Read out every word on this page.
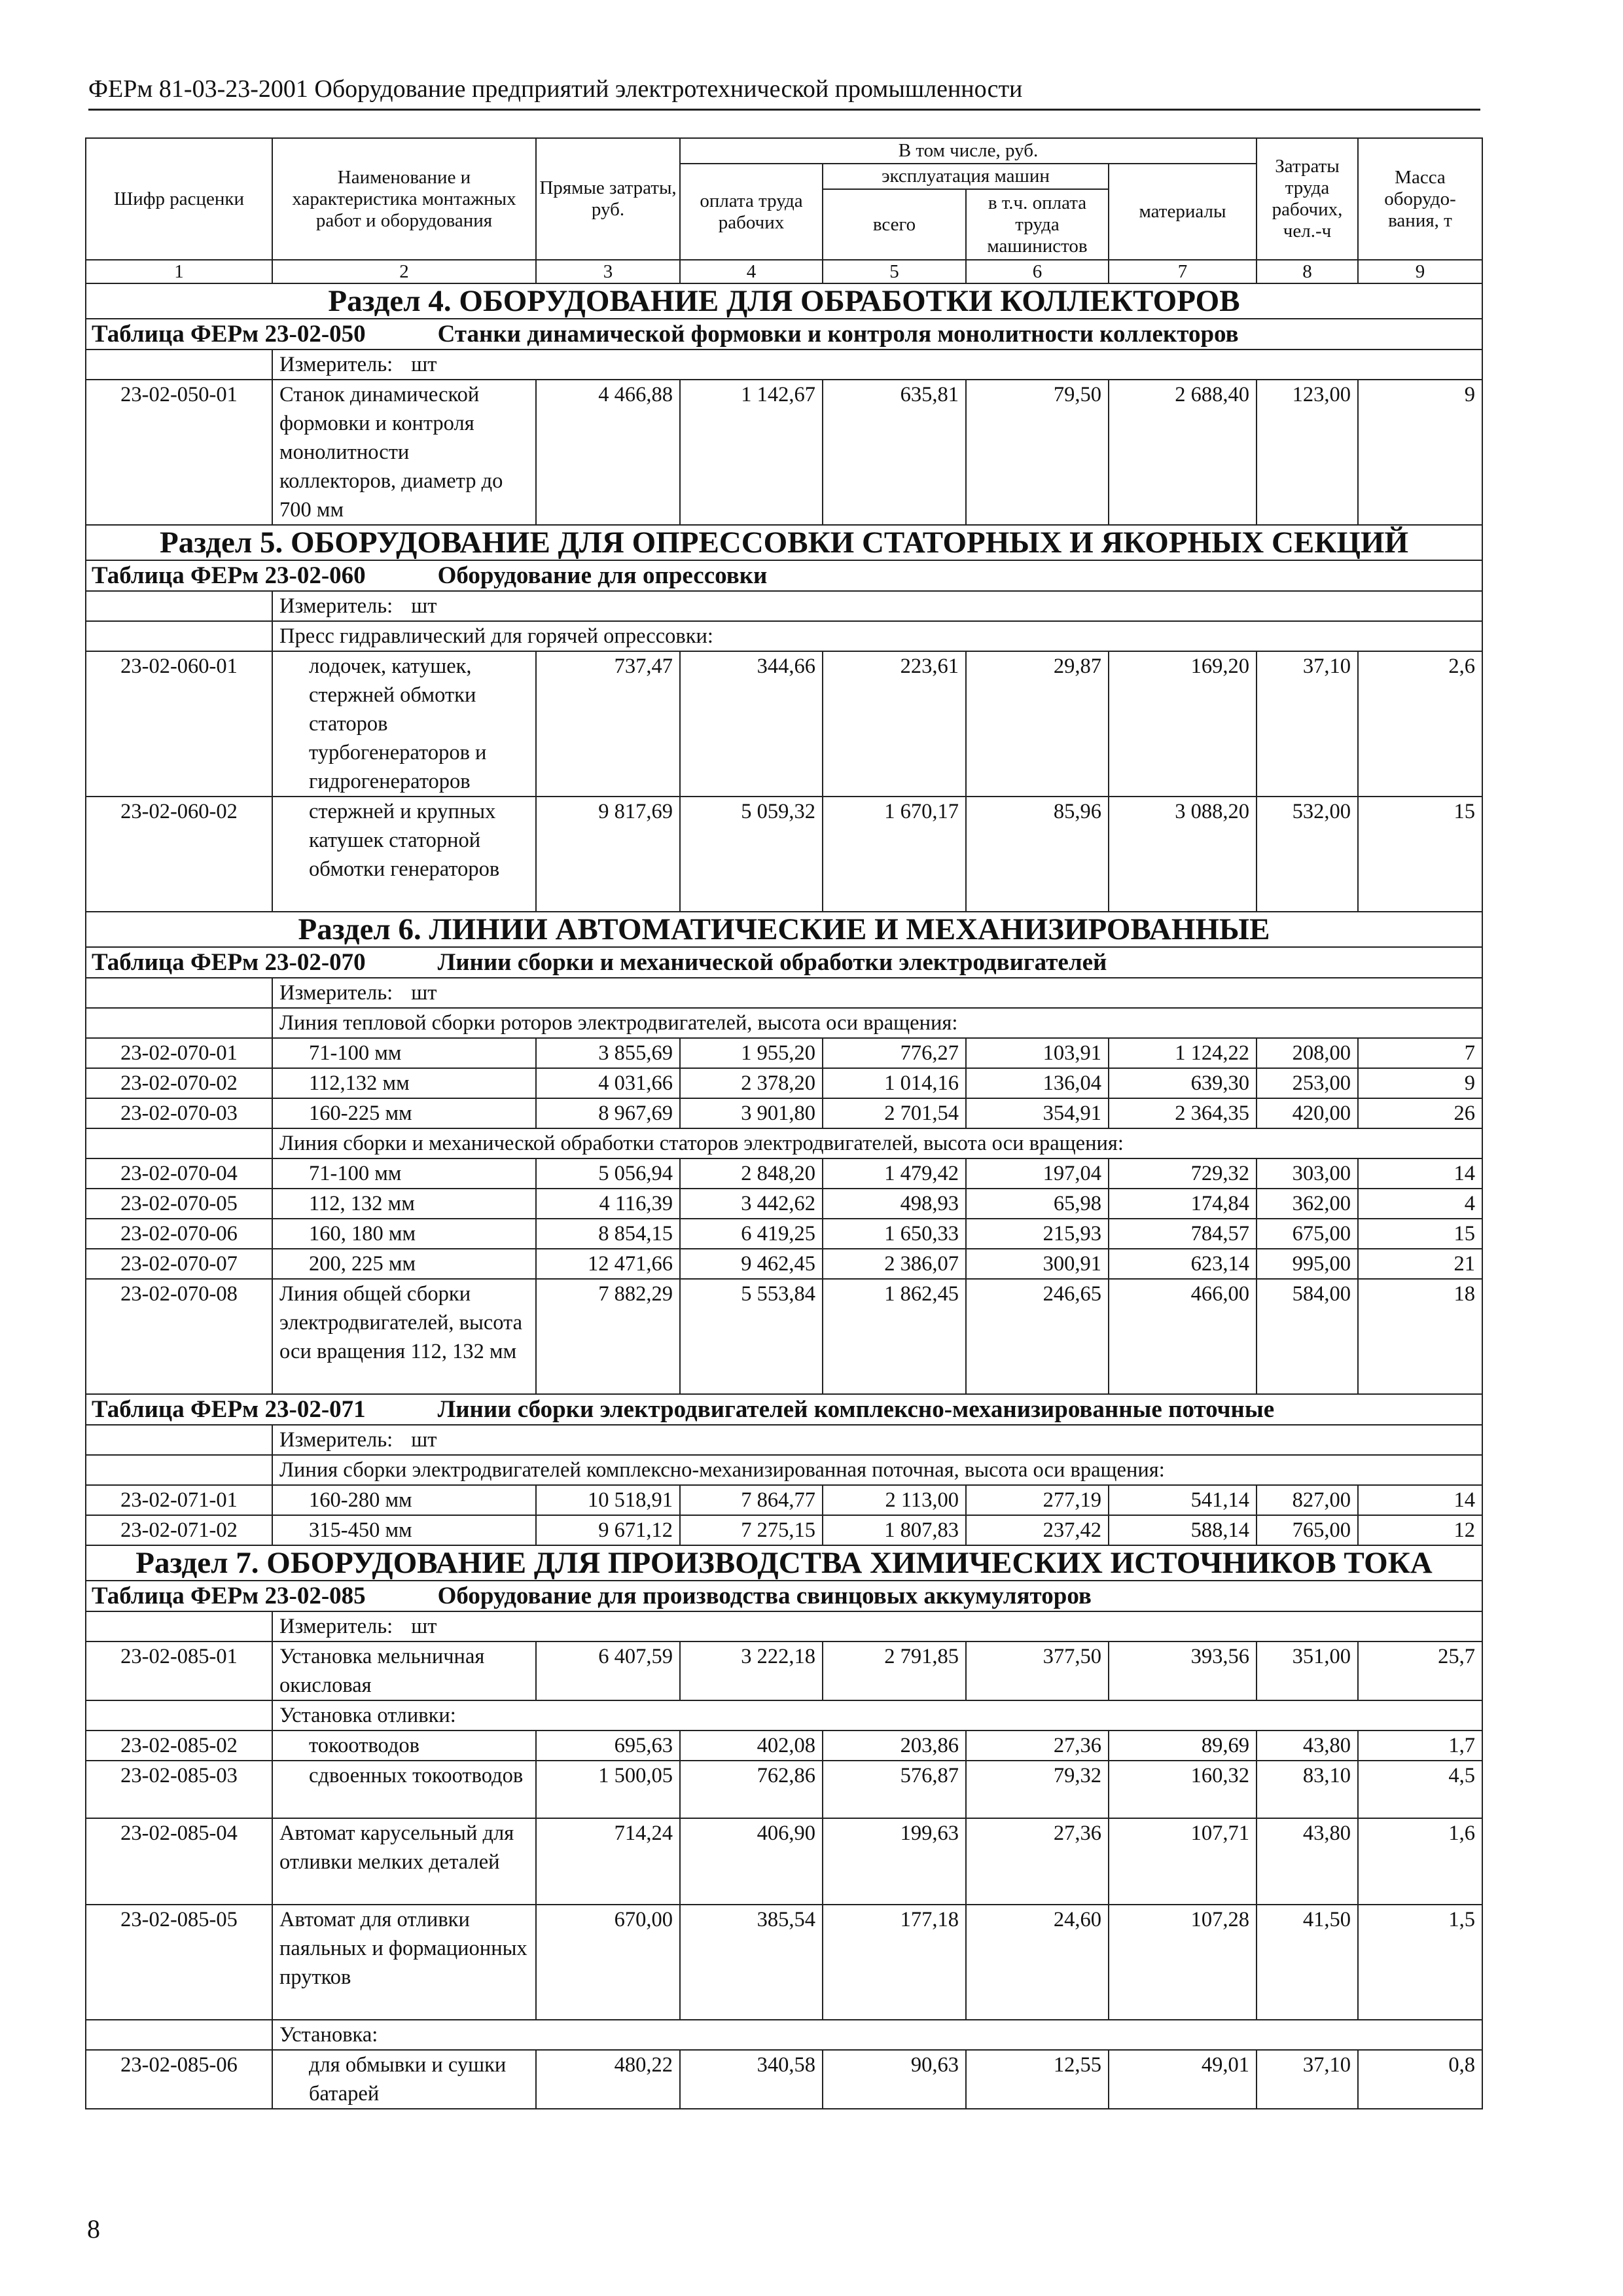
ФЕРм 81-03-23-2001 Оборудование предприятий электротехнической промышленности
Шифр расценки	Наименование и характеристика монтажных работ и оборудования	Прямые затраты, руб.	В том числе, руб.				Затраты труда рабочих, чел.-ч	Масса оборудо- вания, т
			оплата труда рабочих	эксплуатация машин		материалы		
				всего	в т.ч. оплата труда машинистов			
1	2	3	4	5	6	7	8	9
Раздел 4. ОБОРУДОВАНИЕ ДЛЯ ОБРАБОТКИ КОЛЛЕКТОРОВ								
Таблица ФЕРм 23-02-050 Станки динамической формовки и контроля монолитности коллекторов								
	Измеритель: шт							
23-02-050-01	Станок динамической формовки и контроля монолитности коллекторов, диаметр до 700 мм	4 466,88	1 142,67	635,81	79,50	2 688,40	123,00	9
Раздел 5. ОБОРУДОВАНИЕ ДЛЯ ОПРЕССОВКИ СТАТОРНЫХ И ЯКОРНЫХ СЕКЦИЙ								
Таблица ФЕРм 23-02-060 Оборудование для опрессовки								
	Измеритель: шт							
	Пресс гидравлический для горячей опрессовки:							
23-02-060-01	лодочек, катушек, стержней обмотки статоров турбогенераторов и гидрогенераторов	737,47	344,66	223,61	29,87	169,20	37,10	2,6
23-02-060-02	стержней и крупных катушек статорной обмотки генераторов	9 817,69	5 059,32	1 670,17	85,96	3 088,20	532,00	15
Раздел 6. ЛИНИИ АВТОМАТИЧЕСКИЕ И МЕХАНИЗИРОВАННЫЕ								
Таблица ФЕРм 23-02-070 Линии сборки и механической обработки электродвигателей								
	Измеритель: шт							
	Линия тепловой сборки роторов электродвигателей, высота оси вращения:							
23-02-070-01	71-100 мм	3 855,69	1 955,20	776,27	103,91	1 124,22	208,00	7
23-02-070-02	112,132 мм	4 031,66	2 378,20	1 014,16	136,04	639,30	253,00	9
23-02-070-03	160-225 мм	8 967,69	3 901,80	2 701,54	354,91	2 364,35	420,00	26
	Линия сборки и механической обработки статоров электродвигателей, высота оси вращения:							
23-02-070-04	71-100 мм	5 056,94	2 848,20	1 479,42	197,04	729,32	303,00	14
23-02-070-05	112, 132 мм	4 116,39	3 442,62	498,93	65,98	174,84	362,00	4
23-02-070-06	160, 180 мм	8 854,15	6 419,25	1 650,33	215,93	784,57	675,00	15
23-02-070-07	200, 225 мм	12 471,66	9 462,45	2 386,07	300,91	623,14	995,00	21
23-02-070-08	Линия общей сборки электродвигателей, высота оси вращения 112, 132 мм	7 882,29	5 553,84	1 862,45	246,65	466,00	584,00	18
Таблица ФЕРм 23-02-071 Линии сборки электродвигателей комплексно-механизированные поточные								
	Измеритель: шт							
	Линия сборки электродвигателей комплексно-механизированная поточная, высота оси вращения:							
23-02-071-01	160-280 мм	10 518,91	7 864,77	2 113,00	277,19	541,14	827,00	14
23-02-071-02	315-450 мм	9 671,12	7 275,15	1 807,83	237,42	588,14	765,00	12
Раздел 7. ОБОРУДОВАНИЕ ДЛЯ ПРОИЗВОДСТВА ХИМИЧЕСКИХ ИСТОЧНИКОВ ТОКА								
Таблица ФЕРм 23-02-085 Оборудование для производства свинцовых аккумуляторов								
	Измеритель: шт							
23-02-085-01	Установка мельничная окисловая	6 407,59	3 222,18	2 791,85	377,50	393,56	351,00	25,7
	Установка отливки:							
23-02-085-02	токоотводов	695,63	402,08	203,86	27,36	89,69	43,80	1,7
23-02-085-03	сдвоенных токоотводов	1 500,05	762,86	576,87	79,32	160,32	83,10	4,5
23-02-085-04	Автомат карусельный для отливки мелких деталей	714,24	406,90	199,63	27,36	107,71	43,80	1,6
23-02-085-05	Автомат для отливки паяльных и формационных прутков	670,00	385,54	177,18	24,60	107,28	41,50	1,5
	Установка:							
23-02-085-06	для обмывки и сушки батарей	480,22	340,58	90,63	12,55	49,01	37,10	0,8
8
